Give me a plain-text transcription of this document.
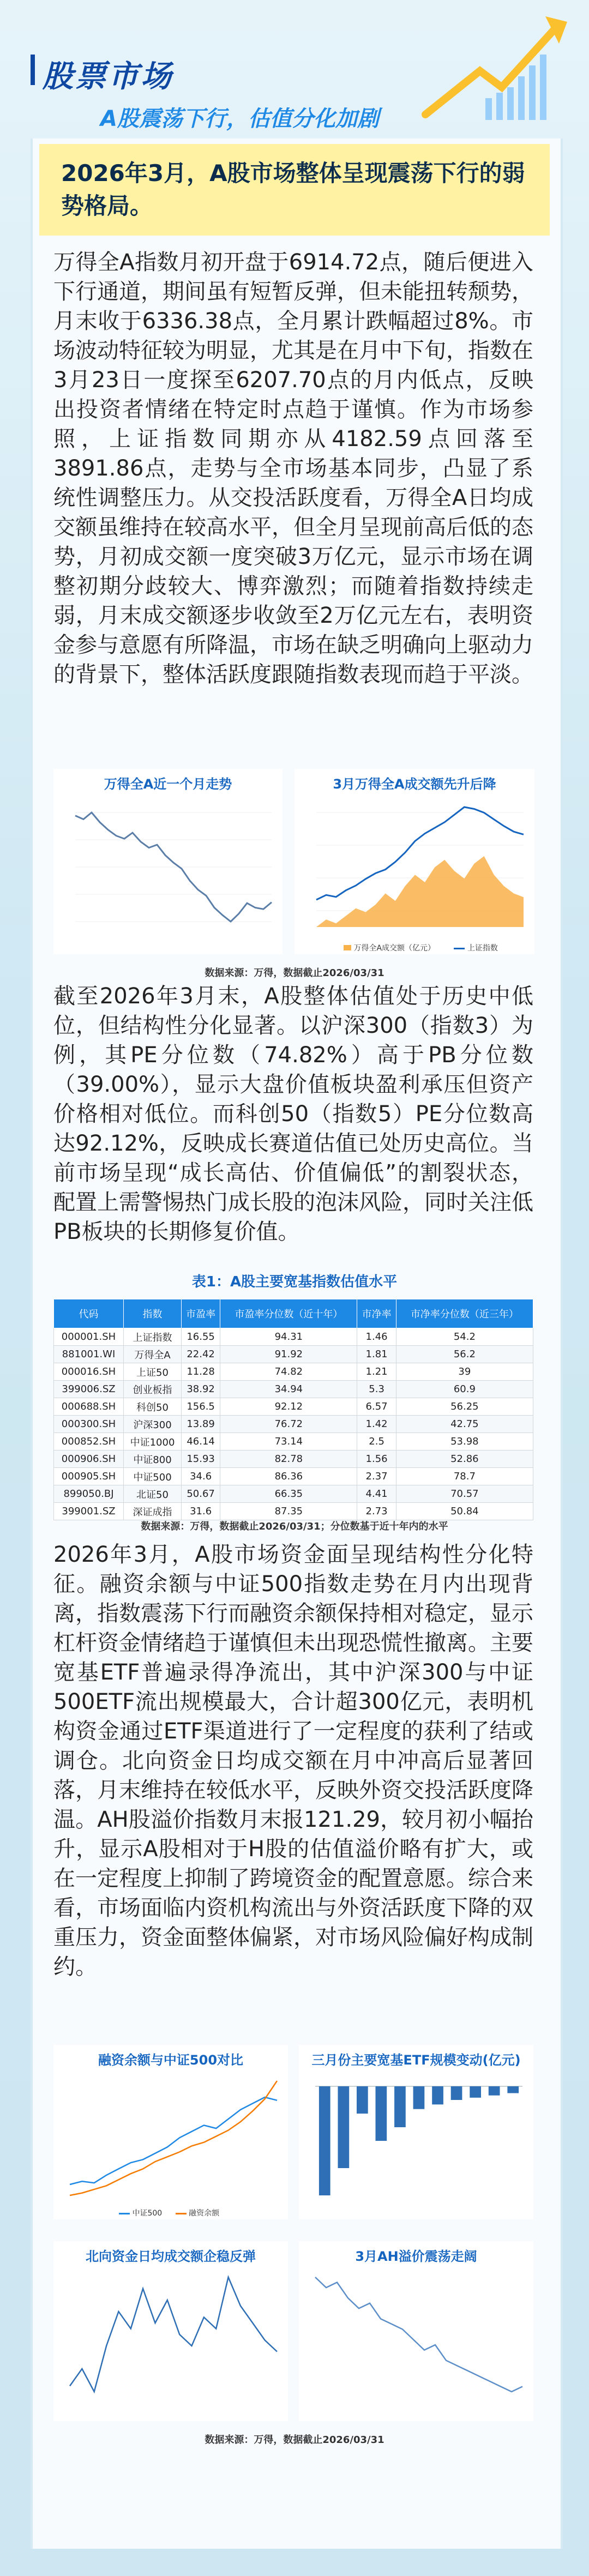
股票市场
A股震荡下行，估值分化加剧
2026年3月，A股市场整体呈现震荡下行的弱势格局。
万得全A指数月初开盘于6914.72点，随后便进入下行通道，期间虽有短暂反弹，但未能扭转颓势，月末收于6336.38点，全月累计跌幅超过8%。市场波动特征较为明显，尤其是在月中下旬，指数在3月23日一度探至6207.70点的月内低点，反映出投资者情绪在特定时点趋于谨慎。作为市场参照，上证指数同期亦从4182.59点回落至3891.86点，走势与全市场基本同步，凸显了系统性调整压力。从交投活跃度看，万得全A日均成交额虽维持在较高水平，但全月呈现前高后低的态势，月初成交额一度突破3万亿元，显示市场在调整初期分歧较大、博弈激烈；而随着指数持续走弱，月末成交额逐步收敛至2万亿元左右，表明资金参与意愿有所降温，市场在缺乏明确向上驱动力的背景下，整体活跃度跟随指数表现而趋于平淡。
万得全A近一个月走势	3月万得全A成交额先升后降
万得全A成交额（亿元）	上证指数
数据来源：万得，数据截止2026/03/31
截至2026年3月末，A股整体估值处于历史中低位，但结构性分化显著。以沪深300（指数3）为例，其PE分位数（74.82%）高于PB分位数（39.00%），显示大盘价值板块盈利承压但资产价格相对低位。而科创50（指数5）PE分位数高达92.12%，反映成长赛道估值已处历史高位。当前市场呈现“成长高估、价值偏低”的割裂状态，配置上需警惕热门成长股的泡沫风险，同时关注低PB板块的长期修复价值。
表1：A股主要宽基指数估值水平
代码	指数	市盈率	市盈率分位数（近十年）	市净率	市净率分位数（近三年）
000001.SH	上证指数	16.55	94.31	1.46	54.2
881001.WI	万得全A	22.42	91.92	1.81	56.2
000016.SH	上证50	11.28	74.82	1.21	39
399006.SZ	创业板指	38.92	34.94	5.3	60.9
000688.SH	科创50	156.5	92.12	6.57	56.25
000300.SH	沪深300	13.89	76.72	1.42	42.75
000852.SH	中证1000	46.14	73.14	2.5	53.98
000906.SH	中证800	15.93	82.78	1.56	52.86
000905.SH	中证500	34.6	86.36	2.37	78.7
899050.BJ	北证50	50.67	66.35	4.41	70.57
399001.SZ	深证成指	31.6	87.35	2.73	50.84
数据来源：万得，数据截止2026/03/31；分位数基于近十年内的水平
2026年3月，A股市场资金面呈现结构性分化特征。融资余额与中证500指数走势在月内出现背离，指数震荡下行而融资余额保持相对稳定，显示杠杆资金情绪趋于谨慎但未出现恐慌性撤离。主要宽基ETF普遍录得净流出，其中沪深300与中证500ETF流出规模最大，合计超300亿元，表明机构资金通过ETF渠道进行了一定程度的获利了结或调仓。北向资金日均成交额在月中冲高后显著回落，月末维持在较低水平，反映外资交投活跃度降温。AH股溢价指数月末报121.29，较月初小幅抬升，显示A股相对于H股的估值溢价略有扩大，或在一定程度上抑制了跨境资金的配置意愿。综合来看，市场面临内资机构流出与外资活跃度下降的双重压力，资金面整体偏紧，对市场风险偏好构成制约。
融资余额与中证500对比
中证500	融资余额
三月份主要宽基ETF规模变动(亿元)
北向资金日均成交额企稳反弹	3月AH溢价震荡走阔
数据来源：万得，数据截止2026/03/31
